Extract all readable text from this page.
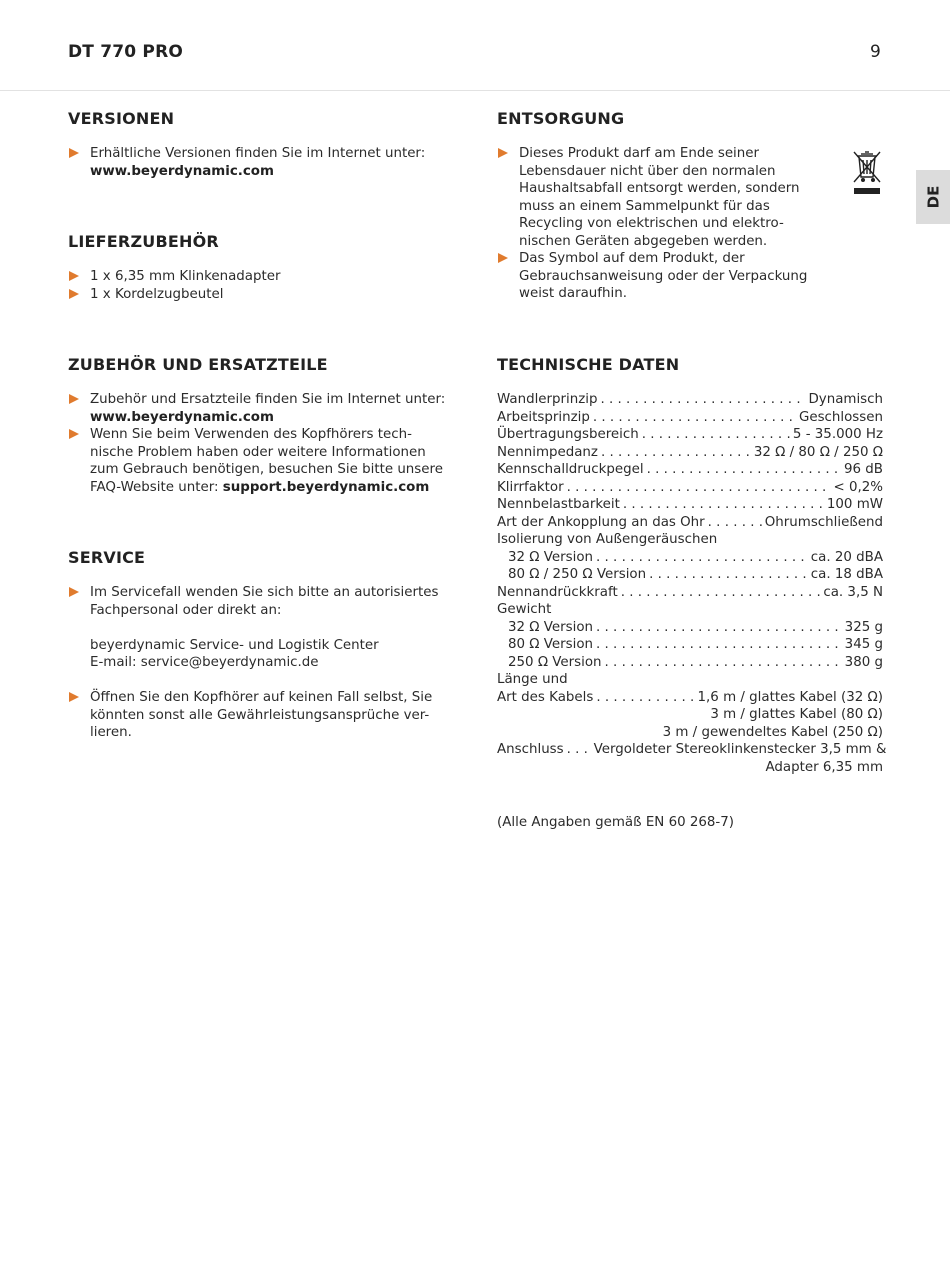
DT 770 PRO	9
DE
VERSIONEN
Erhältliche Versionen finden Sie im Internet unter:
www.beyerdynamic.com
LIEFERZUBEHÖR
1 x 6,35 mm Klinkenadapter
1 x Kordelzugbeutel
ZUBEHÖR UND ERSATZTEILE
Zubehör und Ersatzteile finden Sie im Internet unter:
www.beyerdynamic.com
Wenn Sie beim Verwenden des Kopfhörers tech-nische Problem haben oder weitere Informationen zum Gebrauch benötigen, besuchen Sie bitte unsere FAQ-Website unter: support.beyerdynamic.com
SERVICE
Im Servicefall wenden Sie sich bitte an autorisiertes Fachpersonal oder direkt an:
beyerdynamic Service- und Logistik Center
E-mail: service@beyerdynamic.de
Öffnen Sie den Kopfhörer auf keinen Fall selbst, Sie könnten sonst alle Gewährleistungsansprüche ver-lieren.
ENTSORGUNG
Dieses Produkt darf am Ende seiner Lebensdauer nicht über den normalen Haushaltsabfall entsorgt werden, sondern muss an einem Sammelpunkt für das Recycling von elektrischen und elektro-nischen Geräten abgegeben werden.
Das Symbol auf dem Produkt, der Gebrauchsanweisung oder der Verpackung weist daraufhin.
TECHNISCHE DATEN
Wandlerprinzip . . .	Dynamisch
Arbeitsprinzip . . .	Geschlossen
Übertragungsbereich . . .	5 - 35.000 Hz
Nennimpedanz . . .	32 Ω / 80 Ω / 250 Ω
Kennschalldruckpegel . . .	96 dB
Klirrfaktor . . .	< 0,2%
Nennbelastbarkeit . . .	100 mW
Art der Ankopplung an das Ohr . . .	Ohrumschließend
Isolierung von Außengeräuschen
32 Ω Version . . .	ca. 20 dBA
80 Ω / 250 Ω Version . . .	ca. 18 dBA
Nennandrückkraft . . .	ca. 3,5 N
Gewicht
32 Ω Version . . .	325 g
80 Ω Version . . .	345 g
250 Ω Version . . .	380 g
Länge und
Art des Kabels . . .	1,6 m / glattes Kabel (32 Ω)
3 m / glattes Kabel (80 Ω)
3 m / gewendeltes Kabel (250 Ω)
Anschluss . . . Vergoldeter Stereoklinkenstecker 3,5 mm &
Adapter 6,35 mm
(Alle Angaben gemäß EN 60 268-7)
